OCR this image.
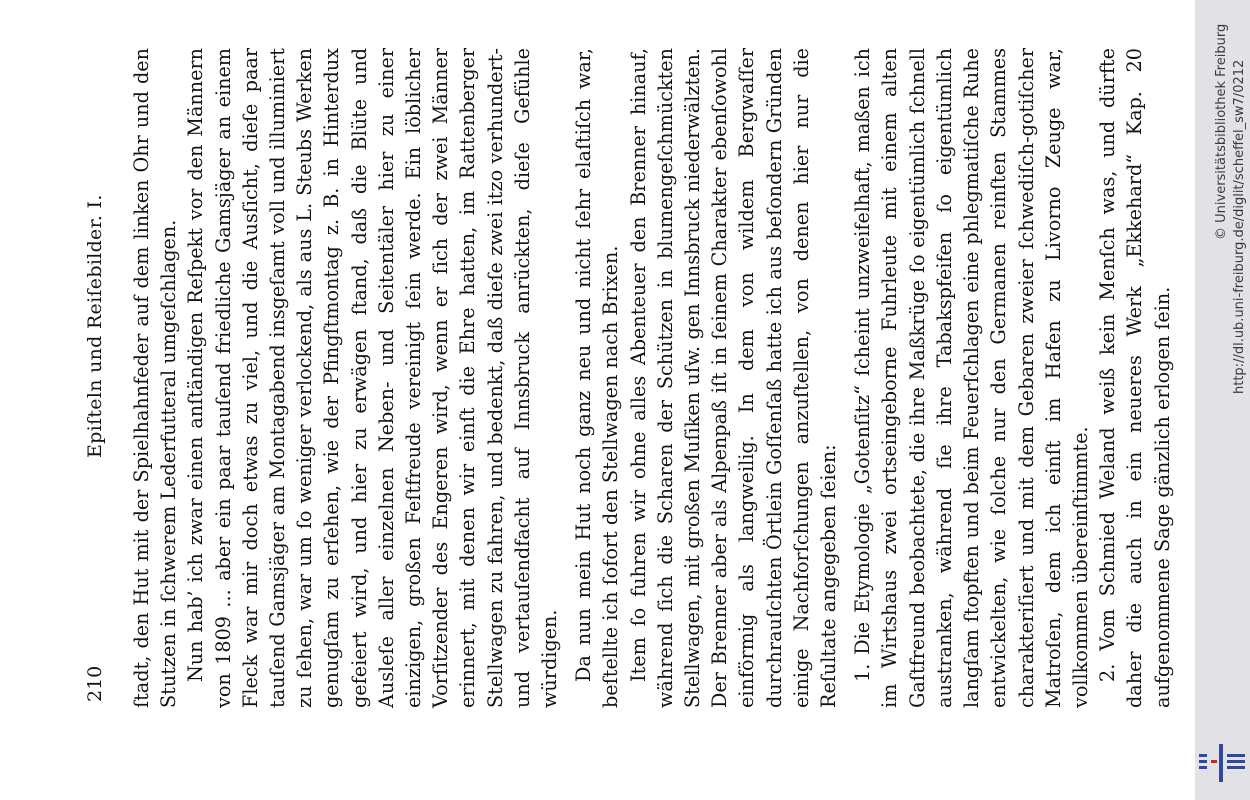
210
Epiſteln und Reiſebilder. I. ſtadt, den Hut mit der Spielhahnfeder auf dem linken Ohr und den Stutzen in ſchwerem Lederfutteral umgeſchlagen. Nun hab’ ich zwar einen anſtändigen Reſpekt vor den Männern von 1809 ... aber ein paar tauſend friedliche Gamsjäger an einem Fleck war mir doch etwas zu viel, und die Ausſicht, dieſe paar tauſend Gamsjäger am Montagabend insgeſamt voll und illuminiert zu ſehen, war um ſo weniger verlockend, als aus L. Steubs Werken genugſam zu erſehen, wie der Pfingſtmontag z. B. in Hinterdux gefeiert wird, und hier zu erwägen ſtand, daß die Blüte und Ausleſe aller einzelnen Neben- und Seitentäler hier zu einer einzigen, großen Feſtfreude vereinigt ſein werde. Ein löblicher Vorſitzender des Engeren wird, wenn er ſich der zwei Männer erinnert, mit denen wir einſt die Ehre hatten, im Rattenberger Stellwagen zu fahren, und bedenkt, daß dieſe zwei itzo verhundert- und vertauſendfacht auf Innsbruck anrückten, dieſe Gefühle würdigen. Da nun mein Hut noch ganz neu und nicht ſehr elaſtiſch war, beſtellte ich ſofort den Stellwagen nach Brixen. Item ſo fuhren wir ohne alles Abenteuer den Brenner hinauf, während ſich die Scharen der Schützen in blumengeſchmückten Stellwagen, mit großen Muſiken uſw. gen Innsbruck niederwälzten. Der Brenner aber als Alpenpaß iſt in ſeinem Charakter ebenſowohl einförmig als langweilig. In dem von wildem Bergwaſſer durchrauſchten Örtlein Goſſenſaß hatte ich aus beſondern Gründen einige Nachforſchungen anzuſtellen, von denen hier nur die Reſultate angegeben ſeien: 1. Die Etymologie „Gotenſitz“ ſcheint unzweifelhaft, maßen ich im Wirtshaus zwei ortseingeborne Fuhrleute mit einem alten Gaſtfreund beobachtete, die ihre Maßkrüge ſo eigentümlich ſchnell austranken, während ſie ihre Tabakspfeifen ſo eigentümlich langſam ſtopften und beim Feuerſchlagen eine phlegmatiſche Ruhe entwickelten, wie ſolche nur den Germanen reinſten Stammes charakteriſiert und mit dem Gebaren zweier ſchwediſch-gotiſcher Matroſen, dem ich einſt im Hafen zu Livorno Zeuge war, vollkommen übereinſtimmte. 2. Vom Schmied Weland weiß kein Menſch was, und dürfte daher die auch in ein neueres Werk „Ekkehard“ Kap. 20 aufgenommene Sage gänzlich erlogen ſein.

http://dl.ub.uni-freiburg.de/diglit/scheffel_sw7/0212
© Universitätsbibliothek Freiburg
